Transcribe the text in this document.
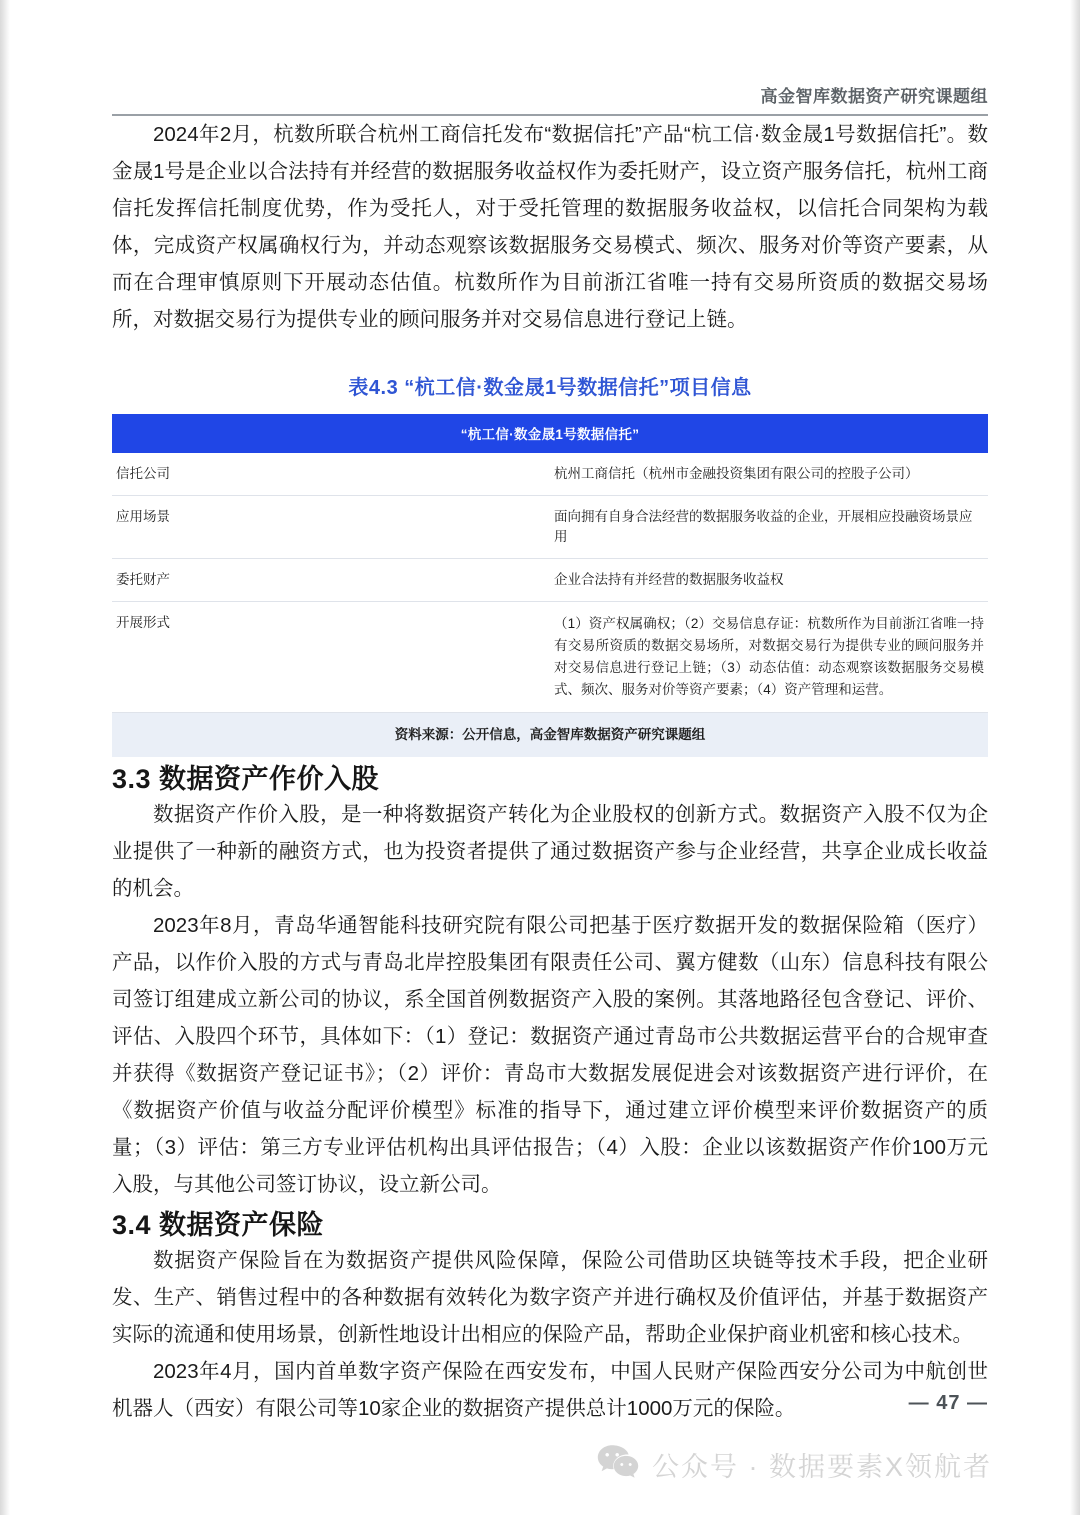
高金智库数据资产研究课题组

2024年2月，杭数所联合杭州工商信托发布“数据信托”产品“杭工信·数金晟1号数据信托”。数金晟1号是企业以合法持有并经营的数据服务收益权作为委托财产，设立资产服务信托，杭州工商信托发挥信托制度优势，作为受托人，对于受托管理的数据服务收益权，以信托合同架构为载体，完成资产权属确权行为，并动态观察该数据服务交易模式、频次、服务对价等资产要素，从而在合理审慎原则下开展动态估值。杭数所作为目前浙江省唯一持有交易所资质的数据交易场所，对数据交易行为提供专业的顾问服务并对交易信息进行登记上链。

表4.3 “杭工信·数金晟1号数据信托”项目信息
“杭工信·数金晟1号数据信托”	
信托公司	杭州工商信托（杭州市金融投资集团有限公司的控股子公司）
应用场景	面向拥有自身合法经营的数据服务收益的企业，开展相应投融资场景应用
委托财产	企业合法持有并经营的数据服务收益权
开展形式	（1）资产权属确权；（2）交易信息存证：杭数所作为目前浙江省唯一持有交易所资质的数据交易场所，对数据交易行为提供专业的顾问服务并对交易信息进行登记上链；（3）动态估值：动态观察该数据服务交易模式、频次、服务对价等资产要素；（4）资产管理和运营。
资料来源：公开信息，高金智库数据资产研究课题组	
3.3 数据资产作价入股

数据资产作价入股，是一种将数据资产转化为企业股权的创新方式。数据资产入股不仅为企业提供了一种新的融资方式，也为投资者提供了通过数据资产参与企业经营，共享企业成长收益的机会。

2023年8月，青岛华通智能科技研究院有限公司把基于医疗数据开发的数据保险箱（医疗）产品，以作价入股的方式与青岛北岸控股集团有限责任公司、翼方健数（山东）信息科技有限公司签订组建成立新公司的协议，系全国首例数据资产入股的案例。其落地路径包含登记、评价、评估、入股四个环节，具体如下：（1）登记：数据资产通过青岛市公共数据运营平台的合规审查并获得《数据资产登记证书》；（2）评价：青岛市大数据发展促进会对该数据资产进行评价，在《数据资产价值与收益分配评价模型》标准的指导下，通过建立评价模型来评价数据资产的质量；（3）评估：第三方专业评估机构出具评估报告；（4）入股：企业以该数据资产作价100万元入股，与其他公司签订协议，设立新公司。

3.4 数据资产保险

数据资产保险旨在为数据资产提供风险保障，保险公司借助区块链等技术手段，把企业研发、生产、销售过程中的各种数据有效转化为数字资产并进行确权及价值评估，并基于数据资产实际的流通和使用场景，创新性地设计出相应的保险产品，帮助企业保护商业机密和核心技术。

2023年4月，国内首单数字资产保险在西安发布，中国人民财产保险西安分公司为中航创世机器人（西安）有限公司等10家企业的数据资产提供总计1000万元的保险。	— 47 —
公众号 · 数据要素X领航者
